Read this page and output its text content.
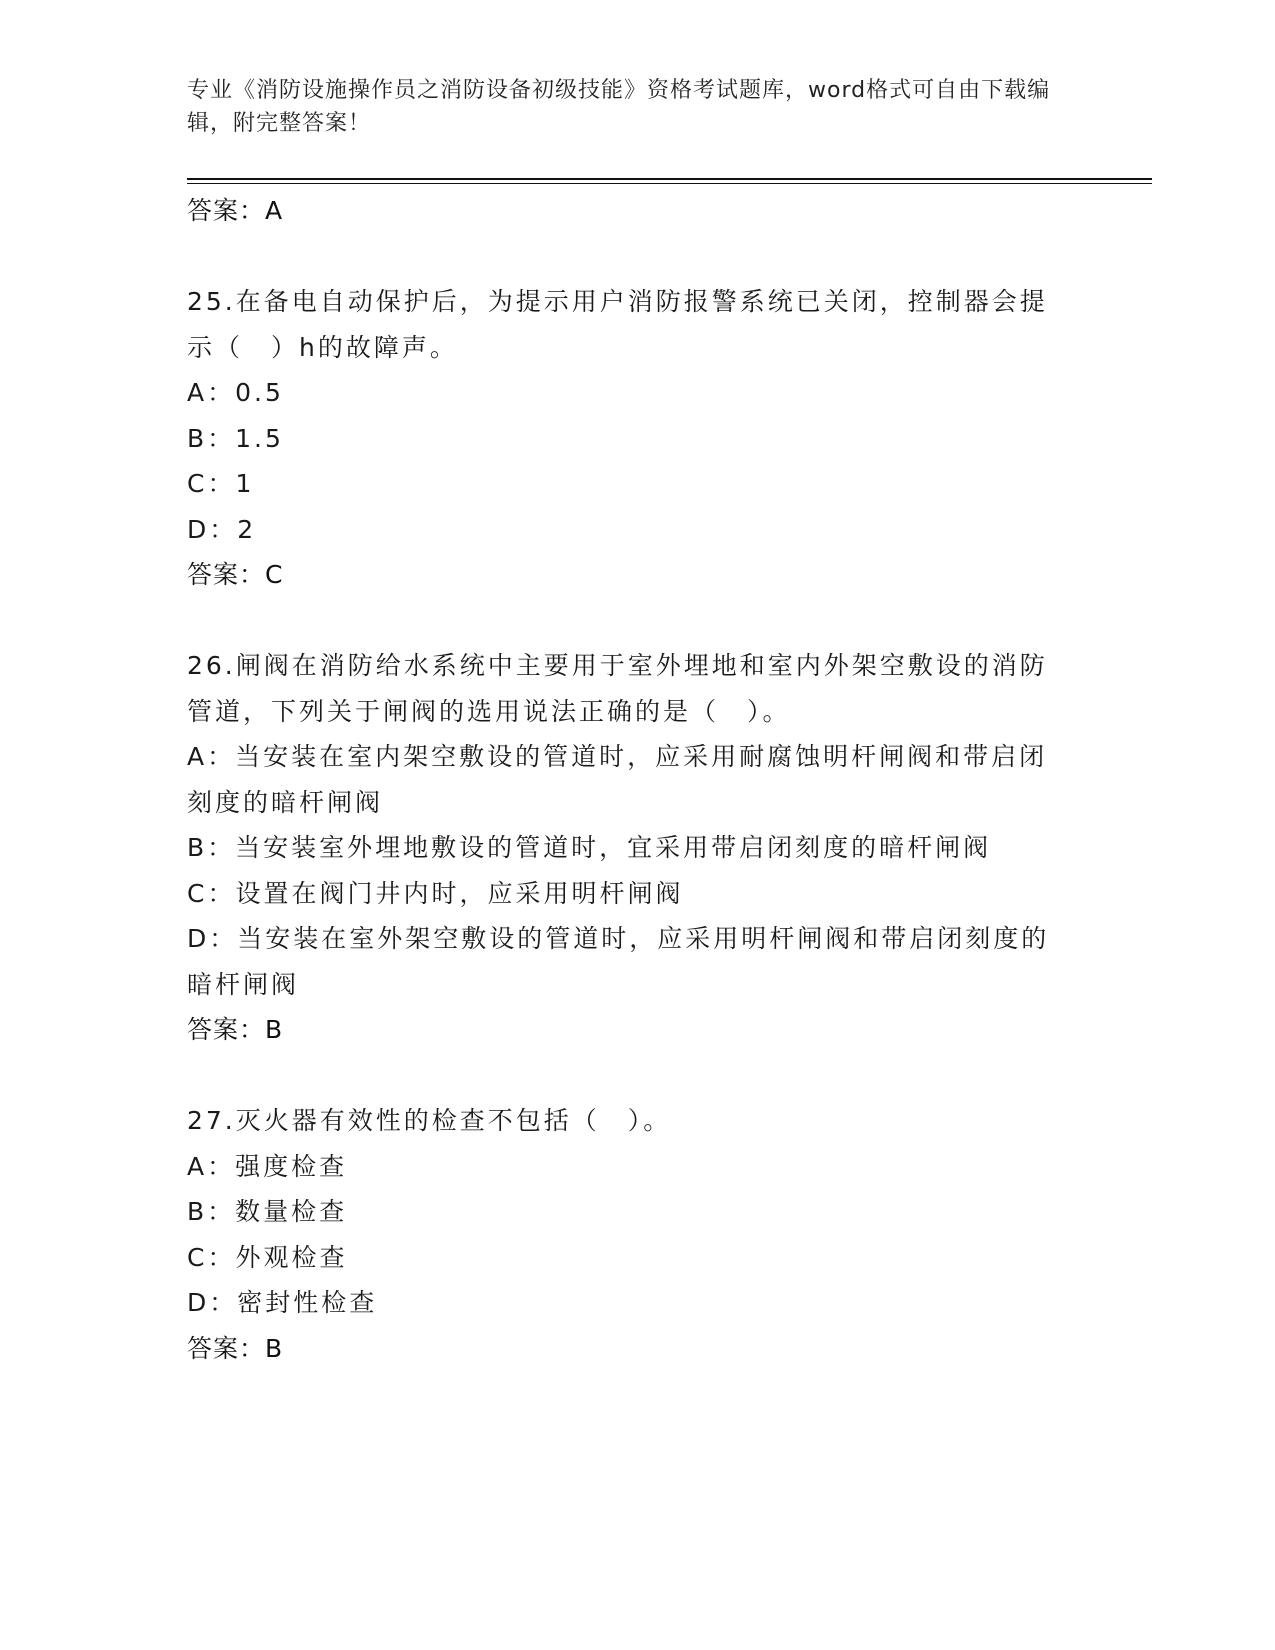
专业《消防设施操作员之消防设备初级技能》资格考试题库，word格式可自由下载编辑，附完整答案！

答案：A

25.在备电自动保护后，为提示用户消防报警系统已关闭，控制器会提

示（　）h的故障声。

A：0.5

B：1.5

C：1

D：2

答案：C

26.闸阀在消防给水系统中主要用于室外埋地和室内外架空敷设的消防

管道，下列关于闸阀的选用说法正确的是（　）。

A：当安装在室内架空敷设的管道时，应采用耐腐蚀明杆闸阀和带启闭

刻度的暗杆闸阀

B：当安装室外埋地敷设的管道时，宜采用带启闭刻度的暗杆闸阀

C：设置在阀门井内时，应采用明杆闸阀

D：当安装在室外架空敷设的管道时，应采用明杆闸阀和带启闭刻度的

暗杆闸阀

答案：B

27.灭火器有效性的检查不包括（　）。

A：强度检查

B：数量检查

C：外观检查

D：密封性检查

答案：B
